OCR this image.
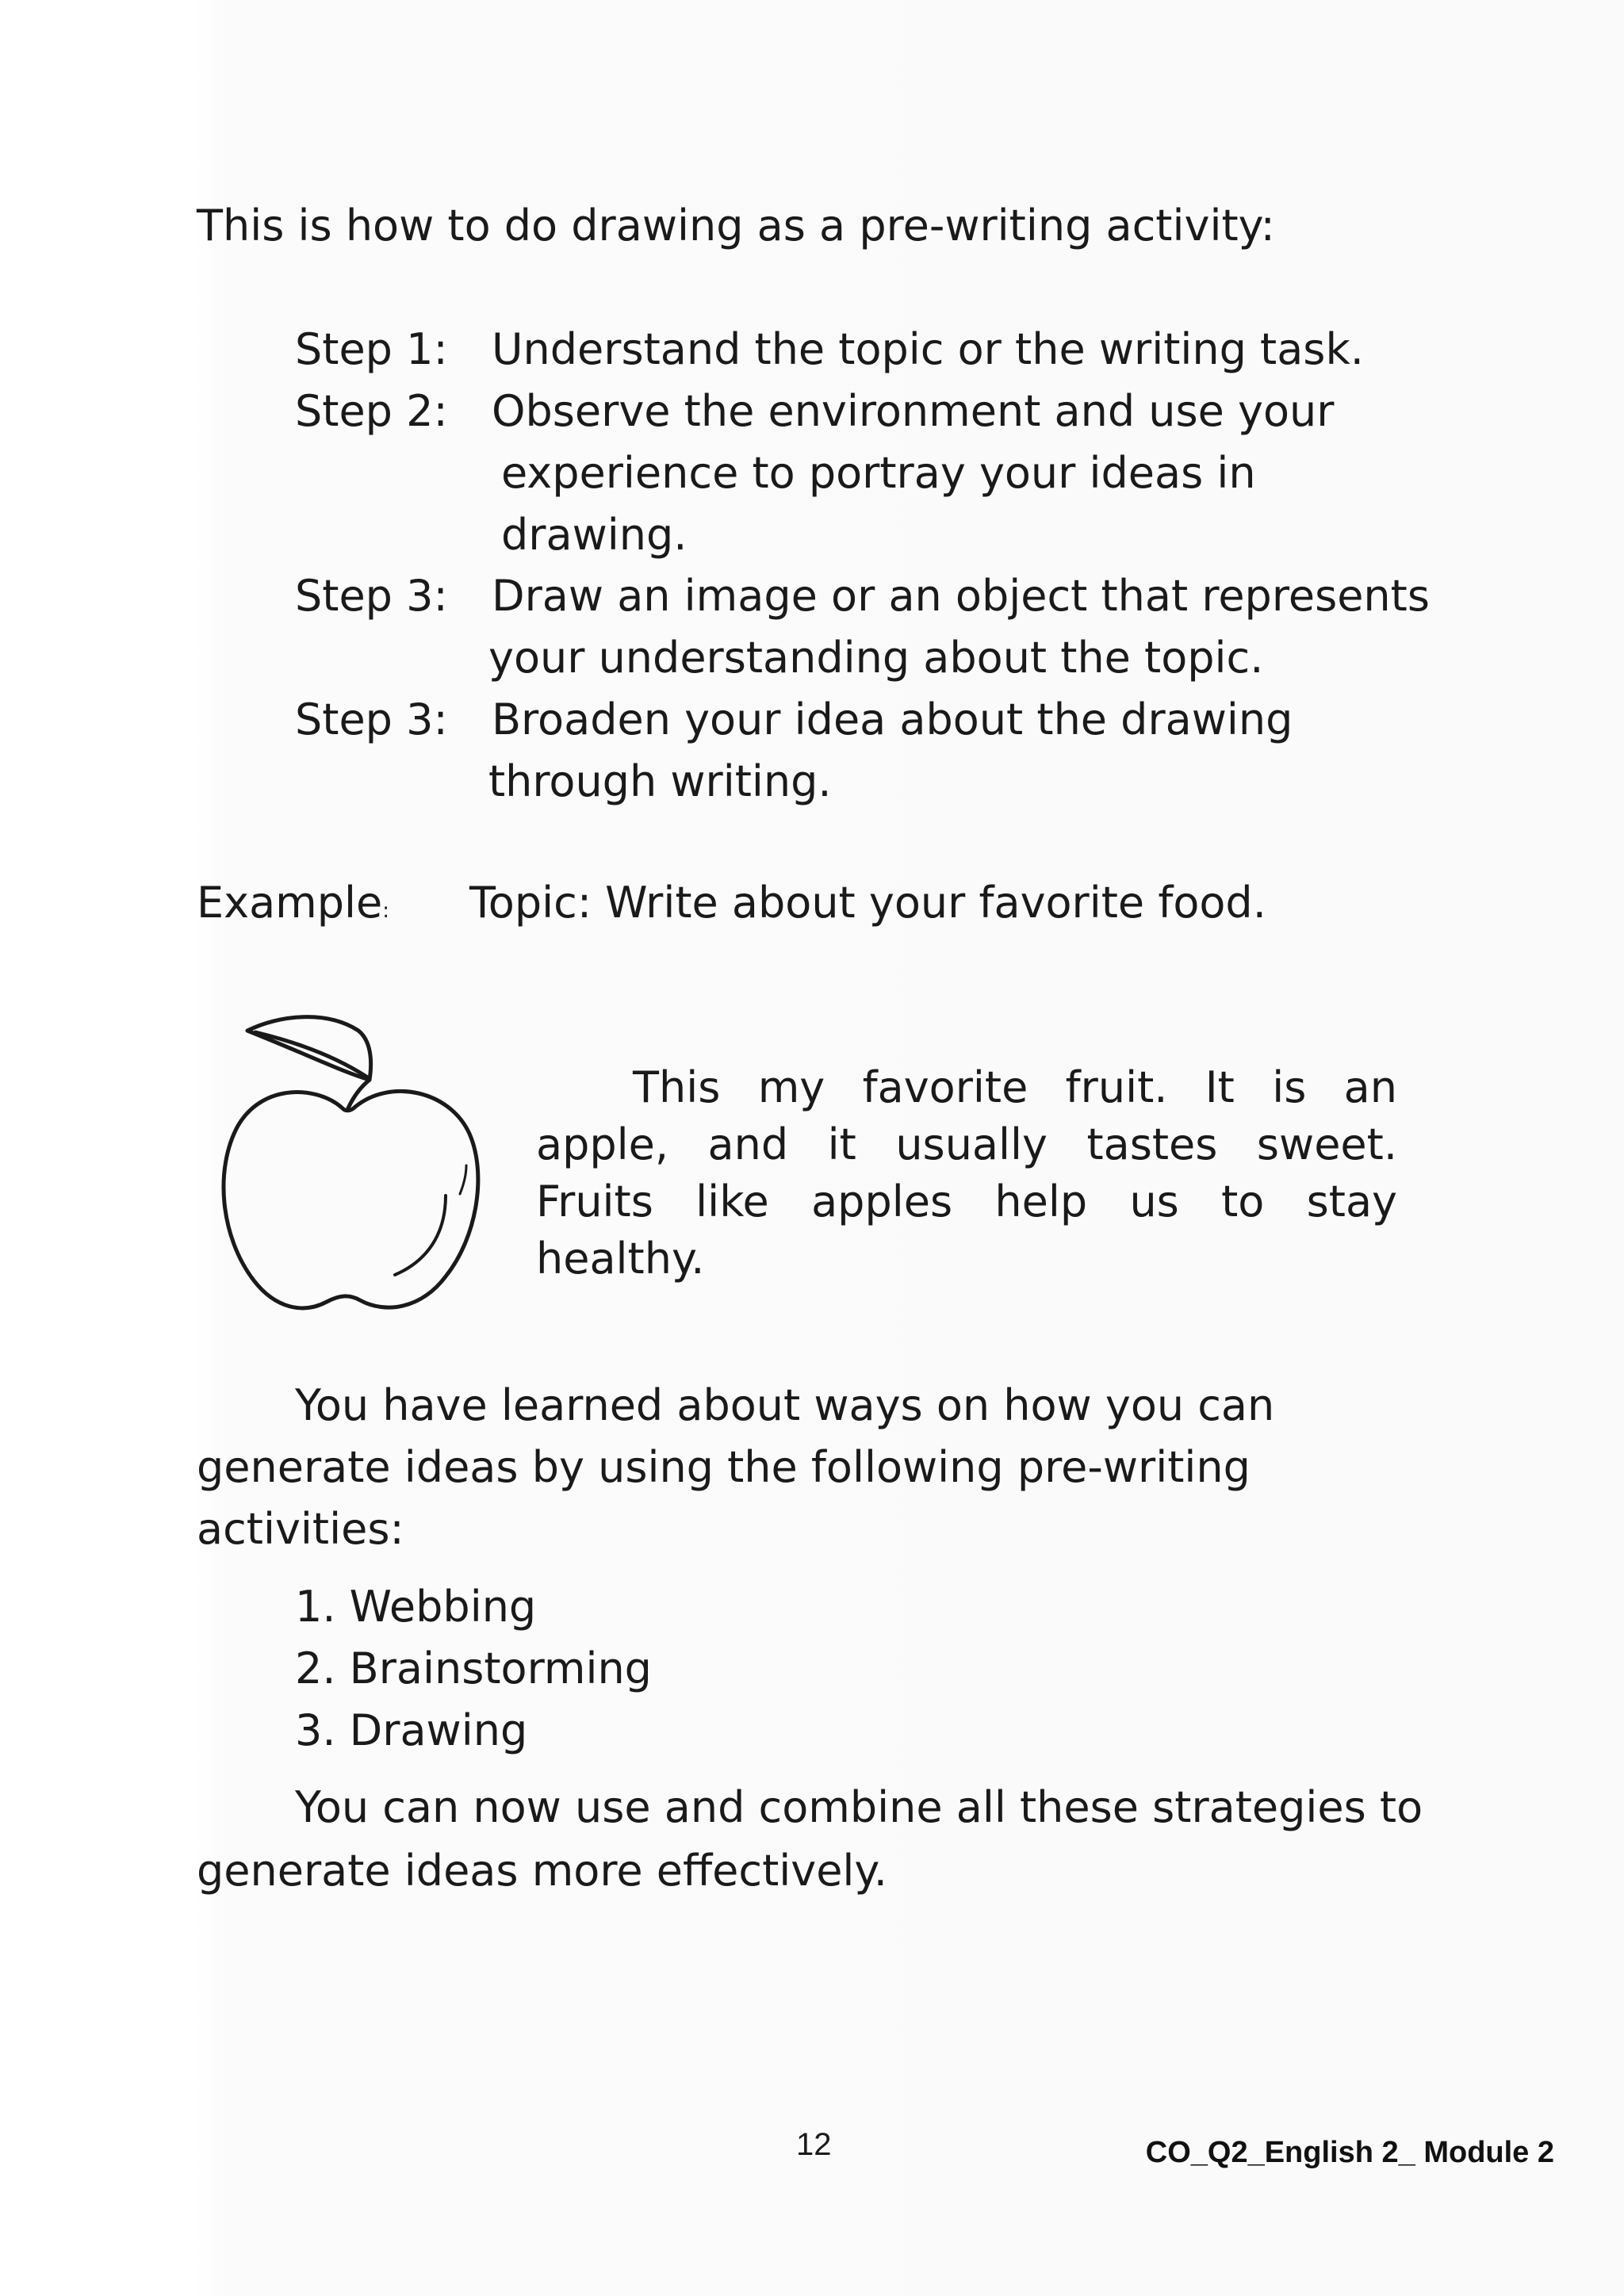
This is how to do drawing as a pre-writing activity:
Step 1: Understand the topic or the writing task.
Step 2: Observe the environment and use your
experience to portray your ideas in
drawing.
Step 3: Draw an image or an object that represents
your understanding about the topic.
Step 3: Broaden your idea about the drawing
through writing.
Example: Topic: Write about your favorite food.
This my favorite fruit. It is an apple, and it usually tastes sweet. Fruits like apples help us to stay healthy.
You have learned about ways on how you can generate ideas by using the following pre-writing activities:
1. Webbing
2. Brainstorming
3. Drawing
You can now use and combine all these strategies to generate ideas more effectively.
12	CO_Q2_English 2_ Module 2
